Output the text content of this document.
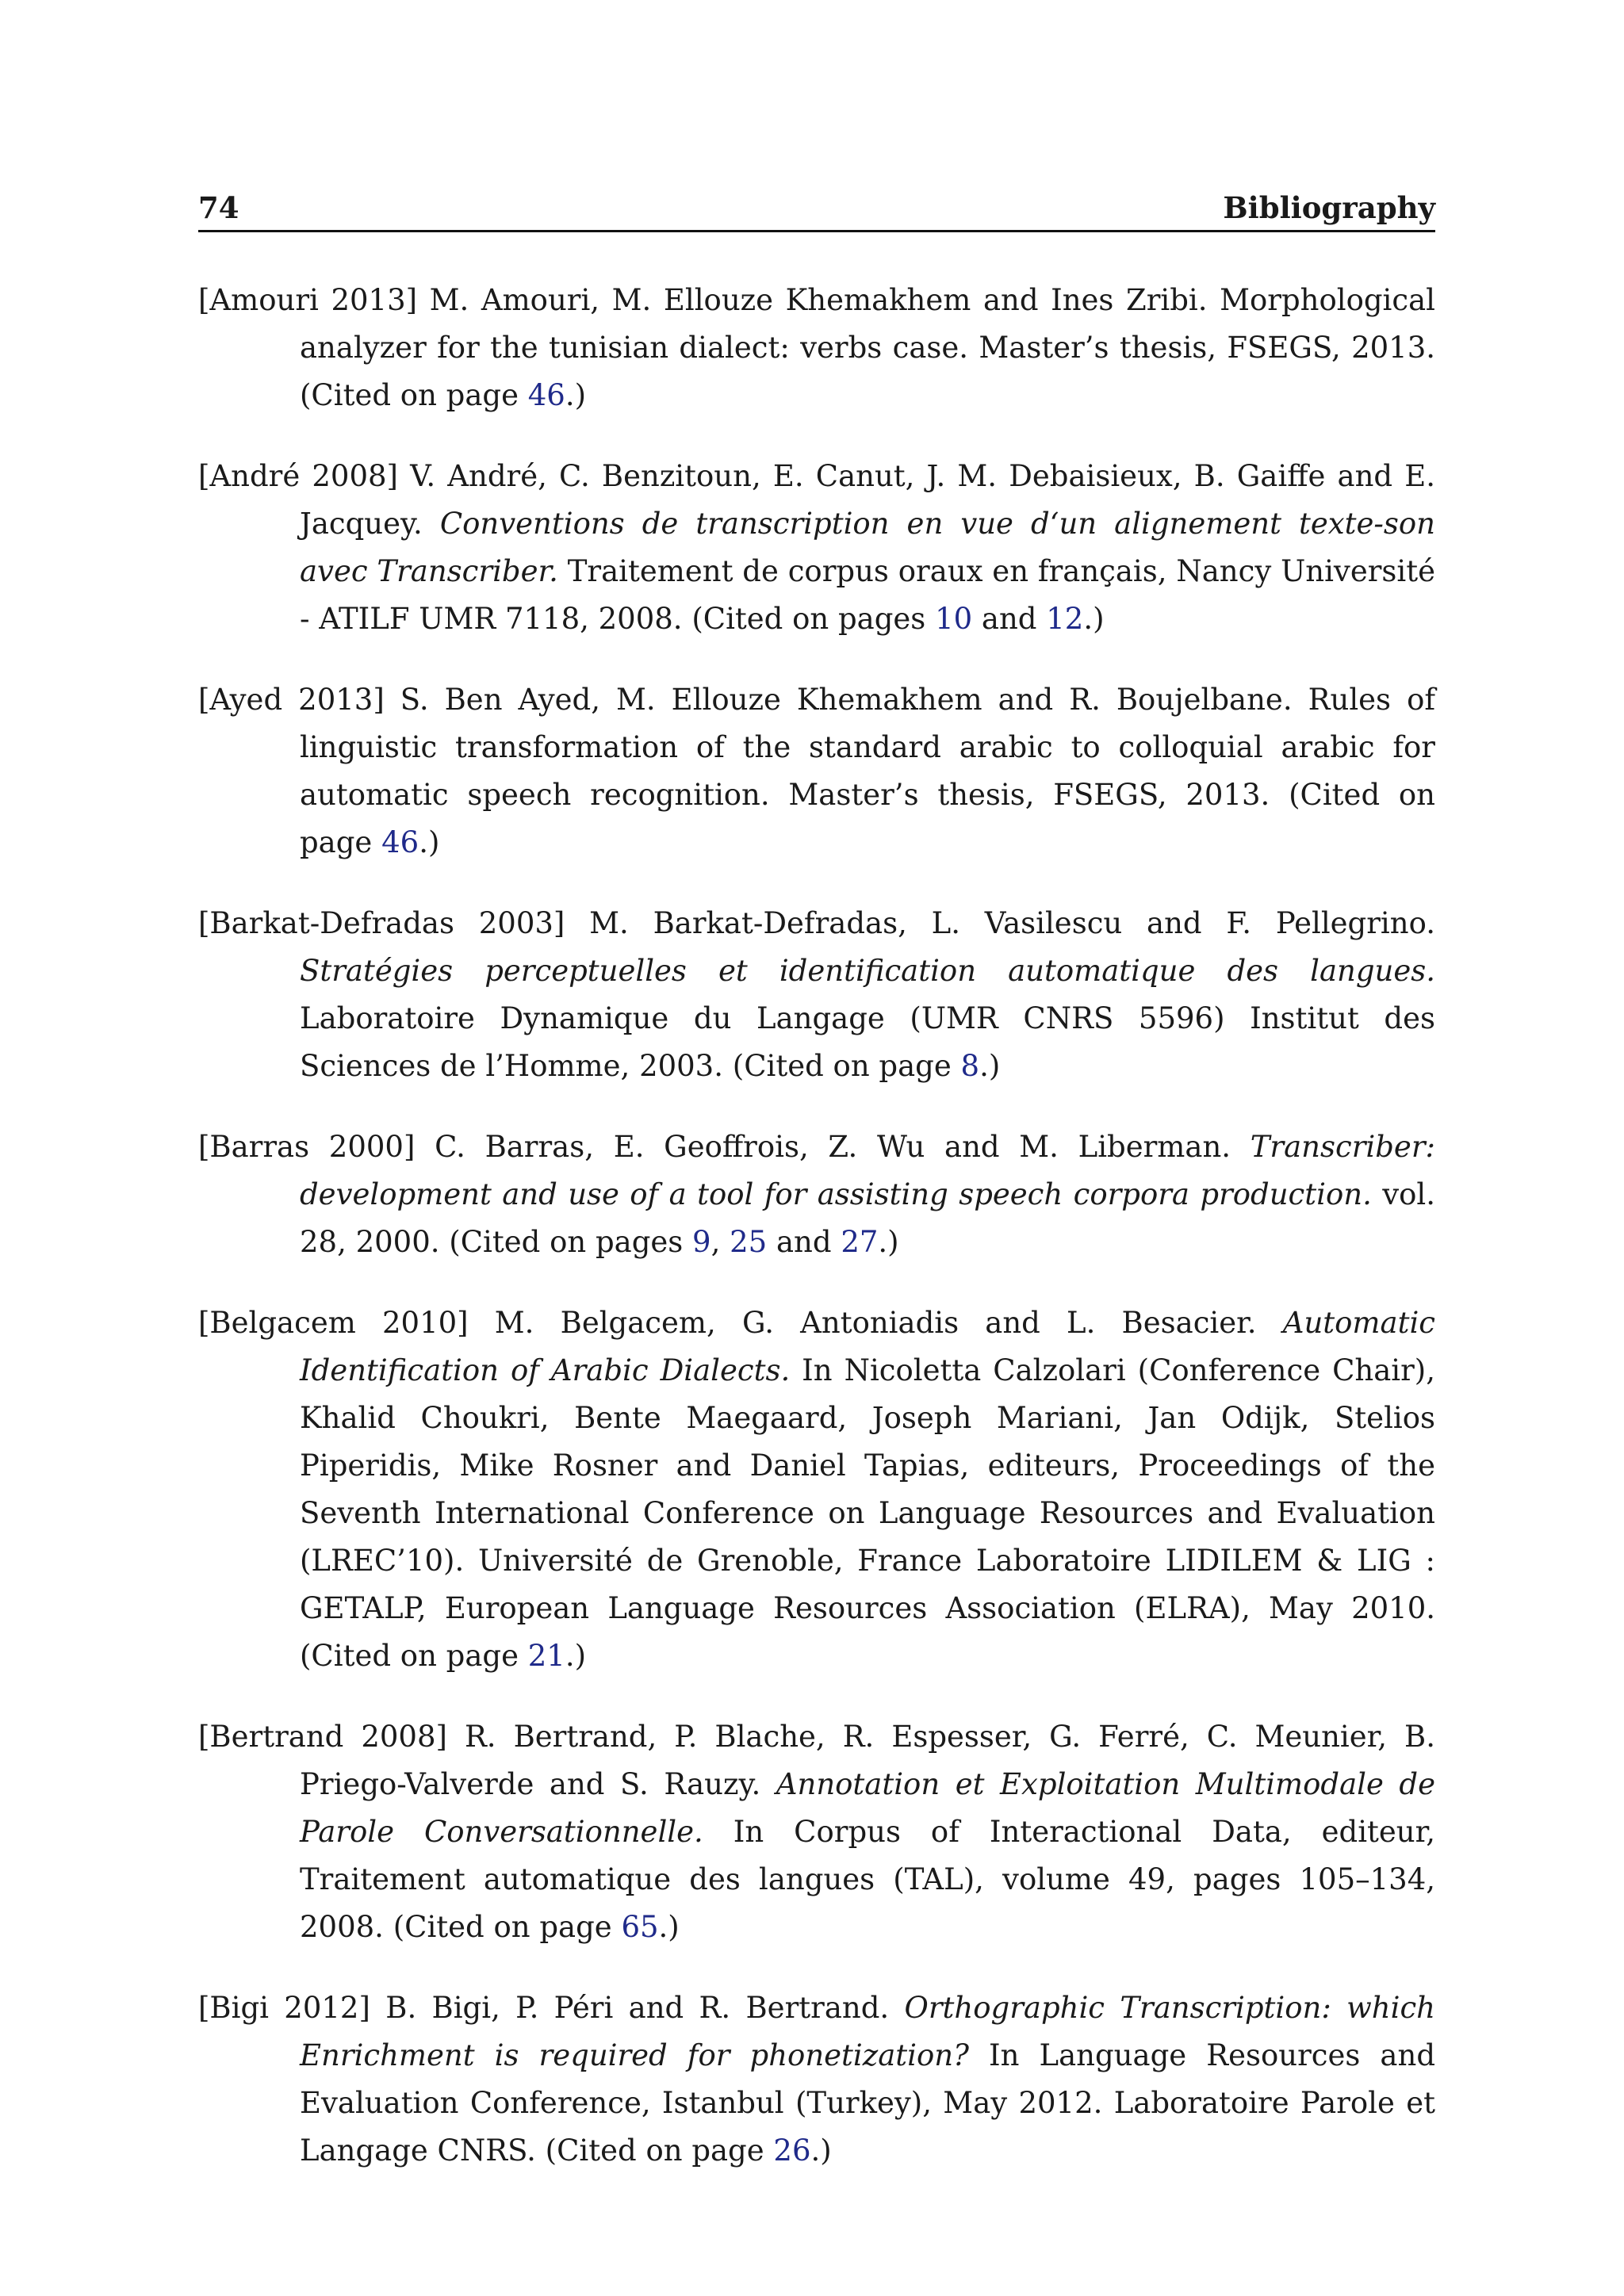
74	Bibliography

[Amouri 2013] M. Amouri, M. Ellouze Khemakhem and Ines Zribi. Morphological analyzer for the tunisian dialect: verbs case. Master’s thesis, FSEGS, 2013. (Cited on page 46.)

[André 2008] V. André, C. Benzitoun, E. Canut, J. M. Debaisieux, B. Gaiffe and E. Jacquey. Conventions de transcription en vue d‘un alignement texte-son avec Transcriber. Traitement de corpus oraux en français, Nancy Université - ATILF UMR 7118, 2008. (Cited on pages 10 and 12.)

[Ayed 2013] S. Ben Ayed, M. Ellouze Khemakhem and R. Boujelbane. Rules of linguistic transformation of the standard arabic to colloquial arabic for automatic speech recognition. Master’s thesis, FSEGS, 2013. (Cited on page 46.)

[Barkat-Defradas 2003] M. Barkat-Defradas, L. Vasilescu and F. Pellegrino. Stratégies perceptuelles et identification automatique des langues. Laboratoire Dynamique du Langage (UMR CNRS 5596) Institut des Sciences de l’Homme, 2003. (Cited on page 8.)

[Barras 2000] C. Barras, E. Geoffrois, Z. Wu and M. Liberman. Transcriber: development and use of a tool for assisting speech corpora production. vol. 28, 2000. (Cited on pages 9, 25 and 27.)

[Belgacem 2010] M. Belgacem, G. Antoniadis and L. Besacier. Automatic Identification of Arabic Dialects. In Nicoletta Calzolari (Conference Chair), Khalid Choukri, Bente Maegaard, Joseph Mariani, Jan Odijk, Stelios Piperidis, Mike Rosner and Daniel Tapias, editeurs, Proceedings of the Seventh International Conference on Language Resources and Evaluation (LREC’10). Université de Grenoble, France Laboratoire LIDILEM & LIG : GETALP, European Language Resources Association (ELRA), May 2010. (Cited on page 21.)

[Bertrand 2008] R. Bertrand, P. Blache, R. Espesser, G. Ferré, C. Meunier, B. Priego-Valverde and S. Rauzy. Annotation et Exploitation Multimodale de Parole Conversationnelle. In Corpus of Interactional Data, editeur, Traitement automatique des langues (TAL), volume 49, pages 105–134, 2008. (Cited on page 65.)

[Bigi 2012] B. Bigi, P. Péri and R. Bertrand. Orthographic Transcription: which Enrichment is required for phonetization? In Language Resources and Evaluation Conference, Istanbul (Turkey), May 2012. Laboratoire Parole et Langage CNRS. (Cited on page 26.)
